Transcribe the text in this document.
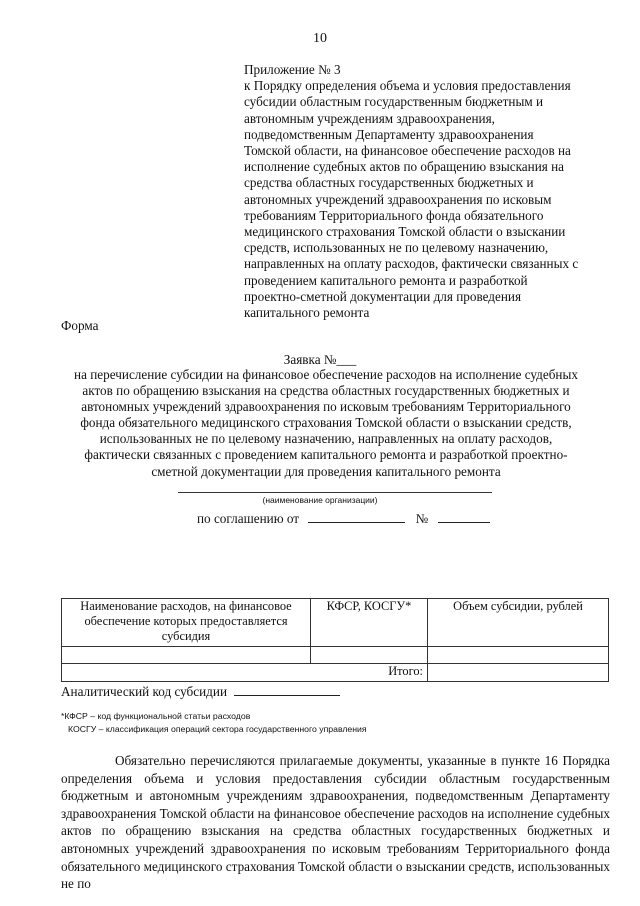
10
Приложение № 3
к Порядку определения объема и условия предоставления
субсидии областным государственным бюджетным и
автономным учреждениям здравоохранения,
подведомственным Департаменту здравоохранения
Томской области, на финансовое обеспечение расходов на
исполнение судебных актов по обращению взыскания на
средства областных государственных бюджетных и
автономных учреждений здравоохранения по исковым
требованиям Территориального фонда обязательного
медицинского страхования Томской области о взыскании
средств, использованных не по целевому назначению,
направленных на оплату расходов, фактически связанных с
проведением капитального ремонта и разработкой
проектно-сметной документации для проведения
капитального ремонта
Форма
Заявка №___
на перечисление субсидии на финансовое обеспечение расходов на исполнение судебных
актов по обращению взыскания на средства областных государственных бюджетных и
автономных учреждений здравоохранения по исковым требованиям Территориального
фонда обязательного медицинского страхования Томской области о взыскании средств,
использованных не по целевому назначению, направленных на оплату расходов,
фактически связанных с проведением капитального ремонта и разработкой проектно-
сметной документации для проведения капитального ремонта
(наименование организации)
по соглашению от	№
Наименование расходов, на финансовое обеспечение которых предоставляется субсидия	КФСР, КОСГУ*	Объем субсидии, рублей

Итого:		
Аналитический код субсидии
*КФСР – код функциональной статьи расходов
КОСГУ – классификация операций сектора государственного управления
Обязательно перечисляются прилагаемые документы, указанные в пункте 16 Порядка определения объема и условия предоставления субсидии областным государственным бюджетным и автономным учреждениям здравоохранения, подведомственным Департаменту здравоохранения Томской области на финансовое обеспечение расходов на исполнение судебных актов по обращению взыскания на средства областных государственных бюджетных и автономных учреждений здравоохранения по исковым требованиям Территориального фонда обязательного медицинского страхования Томской области о взыскании средств, использованных не по
